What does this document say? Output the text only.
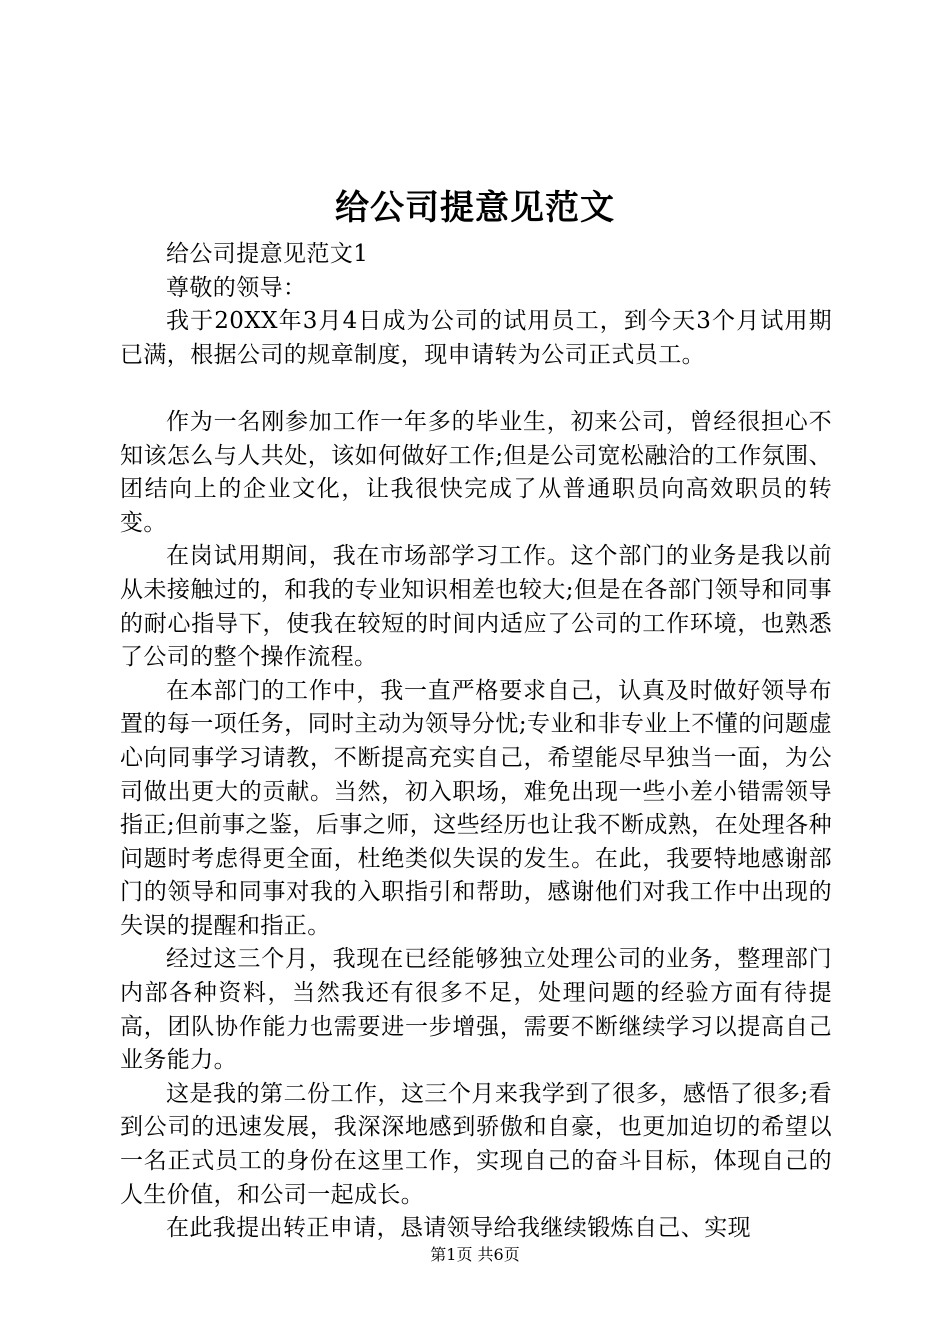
给公司提意见范文

给公司提意见范文1

尊敬的领导：

我于20XX年3月4日成为公司的试用员工，到今天3个月试用期已满，根据公司的规章制度，现申请转为公司正式员工。

作为一名刚参加工作一年多的毕业生，初来公司，曾经很担心不知该怎么与人共处，该如何做好工作;但是公司宽松融洽的工作氛围、团结向上的企业文化，让我很快完成了从普通职员向高效职员的转变。

在岗试用期间，我在市场部学习工作。这个部门的业务是我以前从未接触过的，和我的专业知识相差也较大;但是在各部门领导和同事的耐心指导下，使我在较短的时间内适应了公司的工作环境，也熟悉了公司的整个操作流程。

在本部门的工作中，我一直严格要求自己，认真及时做好领导布置的每一项任务，同时主动为领导分忧;专业和非专业上不懂的问题虚心向同事学习请教，不断提高充实自己，希望能尽早独当一面，为公司做出更大的贡献。当然，初入职场，难免出现一些小差小错需领导指正;但前事之鉴，后事之师，这些经历也让我不断成熟，在处理各种问题时考虑得更全面，杜绝类似失误的发生。在此，我要特地感谢部门的领导和同事对我的入职指引和帮助，感谢他们对我工作中出现的失误的提醒和指正。

经过这三个月，我现在已经能够独立处理公司的业务，整理部门内部各种资料，当然我还有很多不足，处理问题的经验方面有待提高，团队协作能力也需要进一步增强，需要不断继续学习以提高自己业务能力。

这是我的第二份工作，这三个月来我学到了很多，感悟了很多;看到公司的迅速发展，我深深地感到骄傲和自豪，也更加迫切的希望以一名正式员工的身份在这里工作，实现自己的奋斗目标，体现自己的人生价值，和公司一起成长。

在此我提出转正申请，恳请领导给我继续锻炼自己、实现

第1页 共6页
